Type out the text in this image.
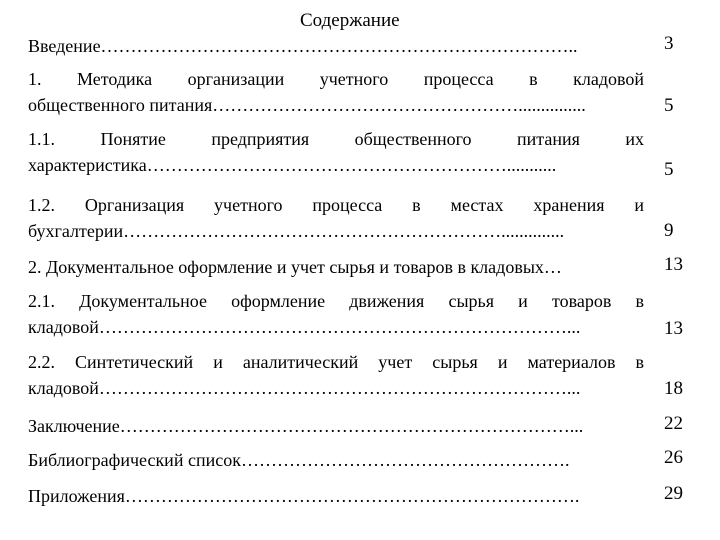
Содержание
Введение……………………………………………………………………..	3
1. Методика организации учетного процесса в кладовой
общественного питания……………………………………………...............	5
1.1. Понятие предприятия общественного питания их
характеристика……………………………………………………...........	5
1.2. Организация учетного процесса в местах хранения и
бухгалтерии………………………………………………………..............	9
2. Документальное оформление и учет сырья и товаров в кладовых…	13
2.1. Документальное оформление движения сырья и товаров в
кладовой……………………………………………………………………...	13
2.2. Синтетический и аналитический учет сырья и материалов в
кладовой……………………………………………………………………...	18
Заключение…………………………………………………………………...	22
Библиографический список……………………………………………….	26
Приложения………………………………………………………………….	29
